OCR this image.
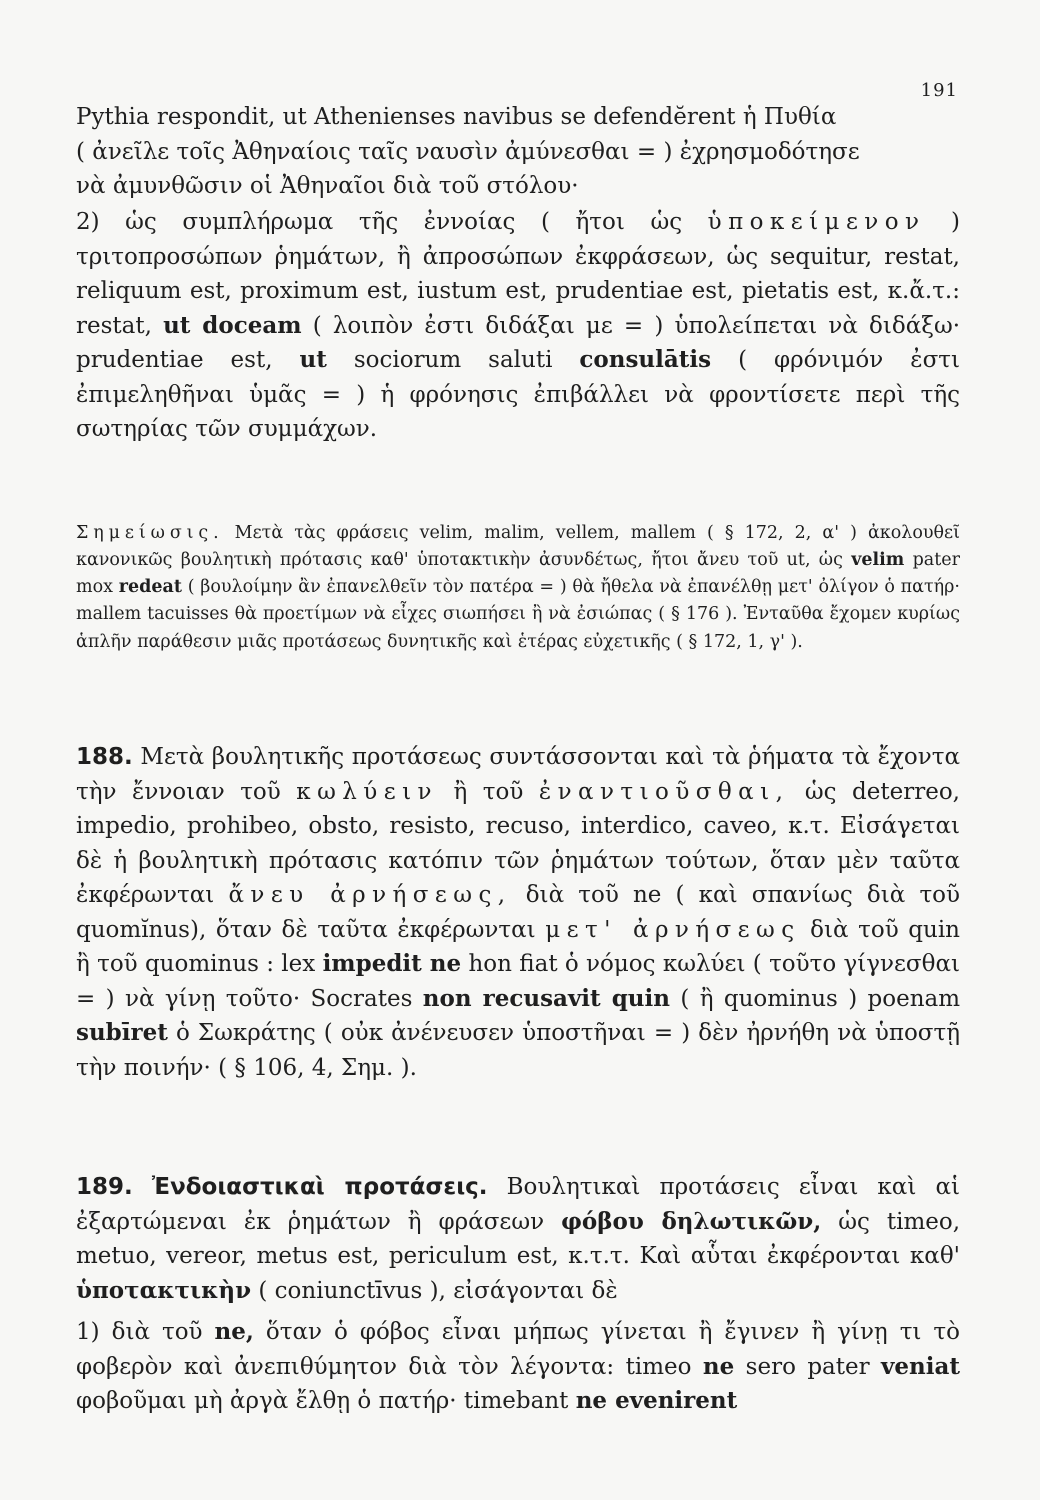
191

Pythia respondit, ut Athenienses navibus se defendĕrent ἡ Πυθία

( ἀνεῖλε τοῖς Ἀθηναίοις ταῖς ναυσὶν ἀμύνεσθαι = ) ἐχρησμοδότησε

νὰ ἀμυνθῶσιν οἱ Ἀθηναῖοι διὰ τοῦ στόλου·

2) ὡς συμπλήρωμα τῆς ἐννοίας ( ἤτοι ὡς ὑποκείμενον ) τριτοπροσώπων ῥημάτων, ἢ ἀπροσώπων ἐκφράσεων, ὡς sequitur, restat, reliquum est, proximum est, iustum est, prudentiae est, pietatis est, κ.ἄ.τ.: restat, ut doceam ( λοιπὸν ἐστι διδάξαι με = ) ὑπολείπεται νὰ διδάξω· prudentiae est, ut sociorum saluti consulātis ( φρόνιμόν ἐστι ἐπιμεληθῆναι ὑμᾶς = ) ἡ φρόνησις ἐπιβάλλει νὰ φροντίσετε περὶ τῆς σωτηρίας τῶν συμμάχων.

Σημείωσις. Μετὰ τὰς φράσεις velim, malim, vellem, mallem ( § 172, 2, α' ) ἀκολουθεῖ κανονικῶς βουλητικὴ πρότασις καθ' ὑποτακτικὴν ἀσυνδέτως, ἤτοι ἄνευ τοῦ ut, ὡς velim pater mox redeat ( βουλοίμην ἂν ἐπανελθεῖν τὸν πατέρα = ) θὰ ἤθελα νὰ ἐπανέλθῃ μετ' ὀλίγον ὁ πατήρ· mallem tacuisses θὰ προετίμων νὰ εἶχες σιωπήσει ἢ νὰ ἐσιώπας ( § 176 ). Ἐνταῦθα ἔχομεν κυρίως ἁπλῆν παράθεσιν μιᾶς προτάσεως δυνητικῆς καὶ ἑτέρας εὐχετικῆς ( § 172, 1, γ' ).

188. Μετὰ βουλητικῆς προτάσεως συντάσσονται καὶ τὰ ῥήματα τὰ ἔχοντα τὴν ἔννοιαν τοῦ κωλύειν ἢ τοῦ ἐναντιοῦσθαι, ὡς deterreo, impedio, prohibeo, obsto, resisto, recuso, interdico, caveo, κ.τ. Εἰσάγεται δὲ ἡ βουλητικὴ πρότασις κατόπιν τῶν ῥημάτων τούτων, ὅταν μὲν ταῦτα ἐκφέρωνται ἄνευ ἀρνήσεως, διὰ τοῦ ne ( καὶ σπανίως διὰ τοῦ quomĭnus), ὅταν δὲ ταῦτα ἐκφέρωνται μετ' ἀρνήσεως διὰ τοῦ quin ἢ τοῦ quominus : lex impedit ne hon fiat ὁ νόμος κωλύει ( τοῦτο γίγνεσθαι = ) νὰ γίνῃ τοῦτο· Socrates non recusavit quin ( ἢ quominus ) poenam subīret ὁ Σωκράτης ( οὐκ ἀνένευσεν ὑποστῆναι = ) δὲν ἠρνήθη νὰ ὑποστῇ τὴν ποινήν· ( § 106, 4, Σημ. ).

189. Ἐνδοιαστικαὶ προτάσεις. Βουλητικαὶ προτάσεις εἶναι καὶ αἱ ἐξαρτώμεναι ἐκ ῥημάτων ἢ φράσεων φόβου δηλωτικῶν, ὡς timeo, metuo, vereor, metus est, periculum est, κ.τ.τ. Καὶ αὗται ἐκφέρονται καθ' ὑποτακτικὴν ( coniunctīvus ), εἰσάγονται δὲ

1) διὰ τοῦ ne, ὅταν ὁ φόβος εἶναι μήπως γίνεται ἢ ἔγινεν ἢ γίνῃ τι τὸ φοβερὸν καὶ ἀνεπιθύμητον διὰ τὸν λέγοντα: timeo ne sero pater veniat φοβοῦμαι μὴ ἀργὰ ἔλθῃ ὁ πατήρ· timebant ne evenirent
